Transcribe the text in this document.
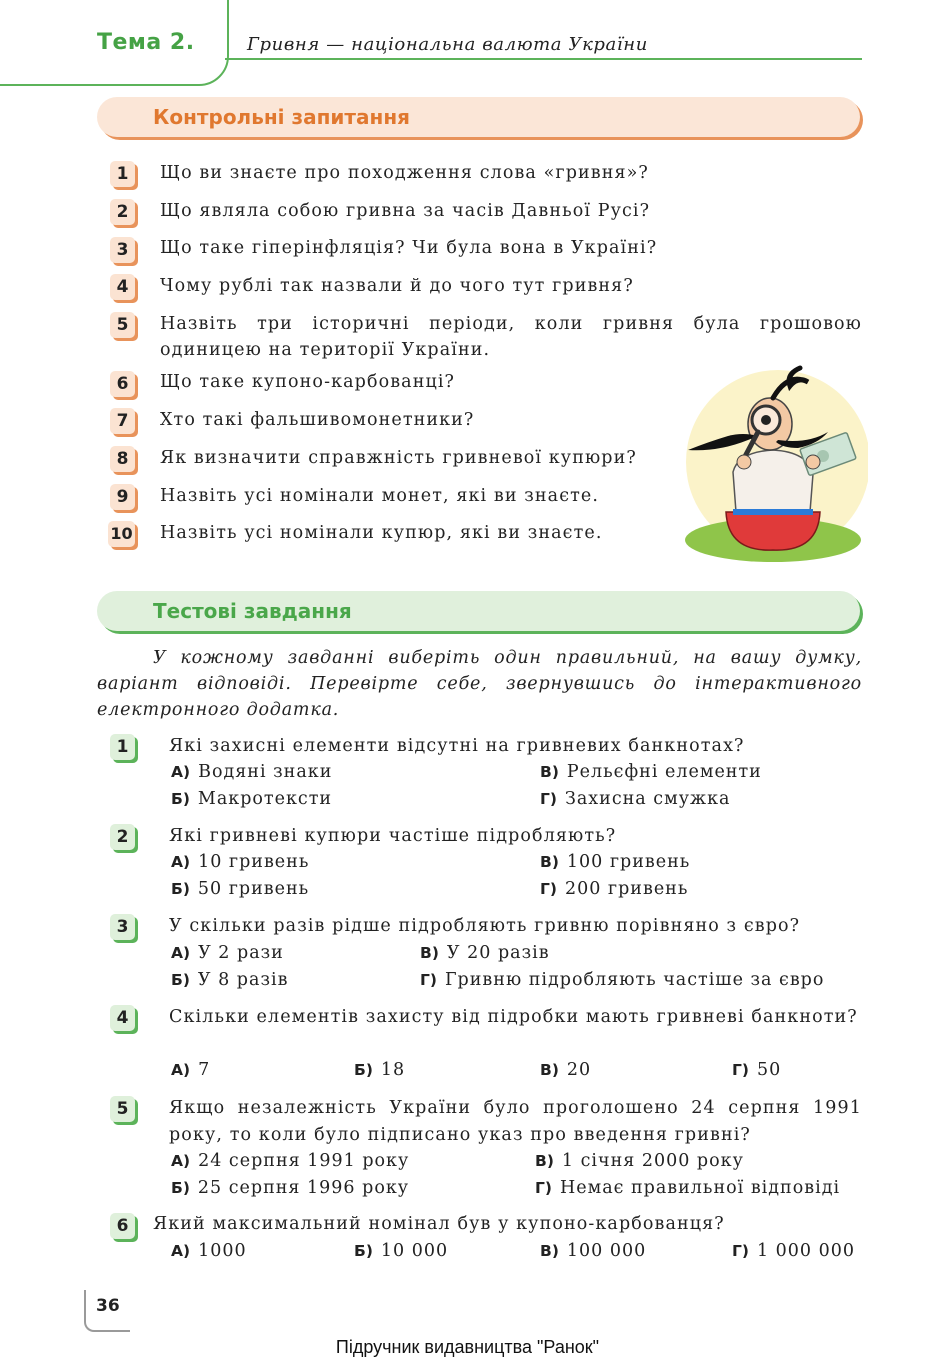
Тема 2.	Гривня — національна валюта України
Контрольні запитання
1	Що ви знаєте про походження слова «гривня»?
2	Що являла собою гривна за часів Давньої Русі?
3	Що таке гіперінфляція? Чи була вона в Україні?
4	Чому рублі так назвали й до чого тут гривня?
5	Назвіть три історичні періоди, коли гривня була грошовою одиницею на території України.
6	Що таке купоно-карбованці?
7	Хто такі фальшивомонетники?
8	Як визначити справжність гривневої купюри?
9	Назвіть усі номінали монет, які ви знаєте.
10 Назвіть усі номінали купюр, які ви знаєте.
Тестові завдання
У кожному завданні виберіть один правильний, на вашу думку, варіант відповіді. Перевірте себе, звернувшись до інтерактивного електронного додатка.
1	Які захисні елементи відсутні на гривневих банкнотах?
А) Водяні знаки
Б) Макротексти
В) Рельєфні елементи
Г) Захисна смужка
2	Які гривневі купюри частіше підробляють?
А) 10 гривень
Б) 50 гривень
В) 100 гривень
Г) 200 гривень
3	У скільки разів рідше підробляють гривню порівняно з євро?
А) У 2 рази
Б) У 8 разів
В) У 20 разів
Г) Гривню підробляють частіше за євро
4	Скільки елементів захисту від підробки мають гривневі банкноти?
А) 7	Б) 18	В) 20	Г) 50
5	Якщо незалежність України було проголошено 24 серпня 1991 року, то коли було підписано указ про введення гривні?
А) 24 серпня 1991 року
Б) 25 серпня 1996 року
В) 1 січня 2000 року
Г) Немає правильної відповіді
6	Який максимальний номінал був у купоно-карбованця?
А) 1000	Б) 10 000	В) 100 000	Г) 1 000 000
36
Підручник видавництва "Ранок"
